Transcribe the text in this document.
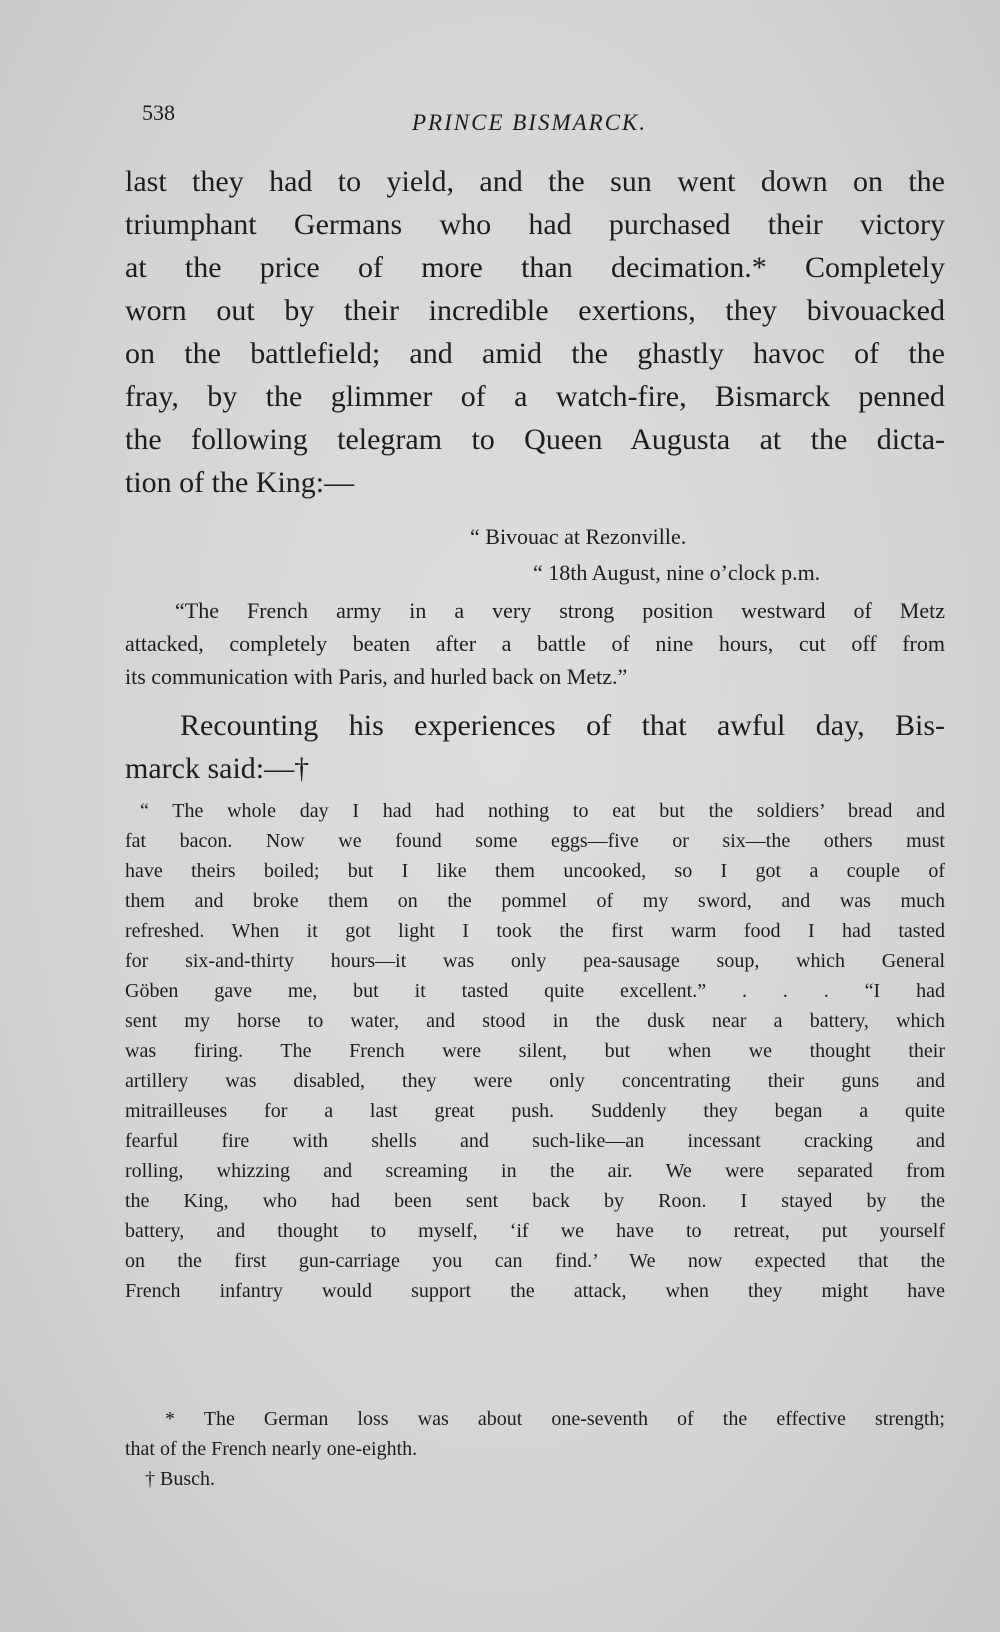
538	PRINCE BISMARCK.
last they had to yield, and the sun went down on the
triumphant Germans who had purchased their victory
at the price of more than decimation.* Completely
worn out by their incredible exertions, they bivouacked
on the battlefield; and amid the ghastly havoc of the
fray, by the glimmer of a watch-fire, Bismarck penned
the following telegram to Queen Augusta at the dicta-
tion of the King:—
“ Bivouac at Rezonville.
“ 18th August, nine o’clock p.m.
“The French army in a very strong position westward of Metz
attacked, completely beaten after a battle of nine hours, cut off from
its communication with Paris, and hurled back on Metz.”
Recounting his experiences of that awful day, Bis-
marck said:—†
“ The whole day I had had nothing to eat but the soldiers’ bread and
fat bacon. Now we found some eggs—five or six—the others must
have theirs boiled; but I like them uncooked, so I got a couple of
them and broke them on the pommel of my sword, and was much
refreshed. When it got light I took the first warm food I had tasted
for six-and-thirty hours—it was only pea-sausage soup, which General
Göben gave me, but it tasted quite excellent.” . . . “I had
sent my horse to water, and stood in the dusk near a battery, which
was firing. The French were silent, but when we thought their
artillery was disabled, they were only concentrating their guns and
mitrailleuses for a last great push. Suddenly they began a quite
fearful fire with shells and such-like—an incessant cracking and
rolling, whizzing and screaming in the air. We were separated from
the King, who had been sent back by Roon. I stayed by the
battery, and thought to myself, ‘if we have to retreat, put yourself
on the first gun-carriage you can find.’ We now expected that the
French infantry would support the attack, when they might have
* The German loss was about one-seventh of the effective strength;
that of the French nearly one-eighth.
† Busch.
